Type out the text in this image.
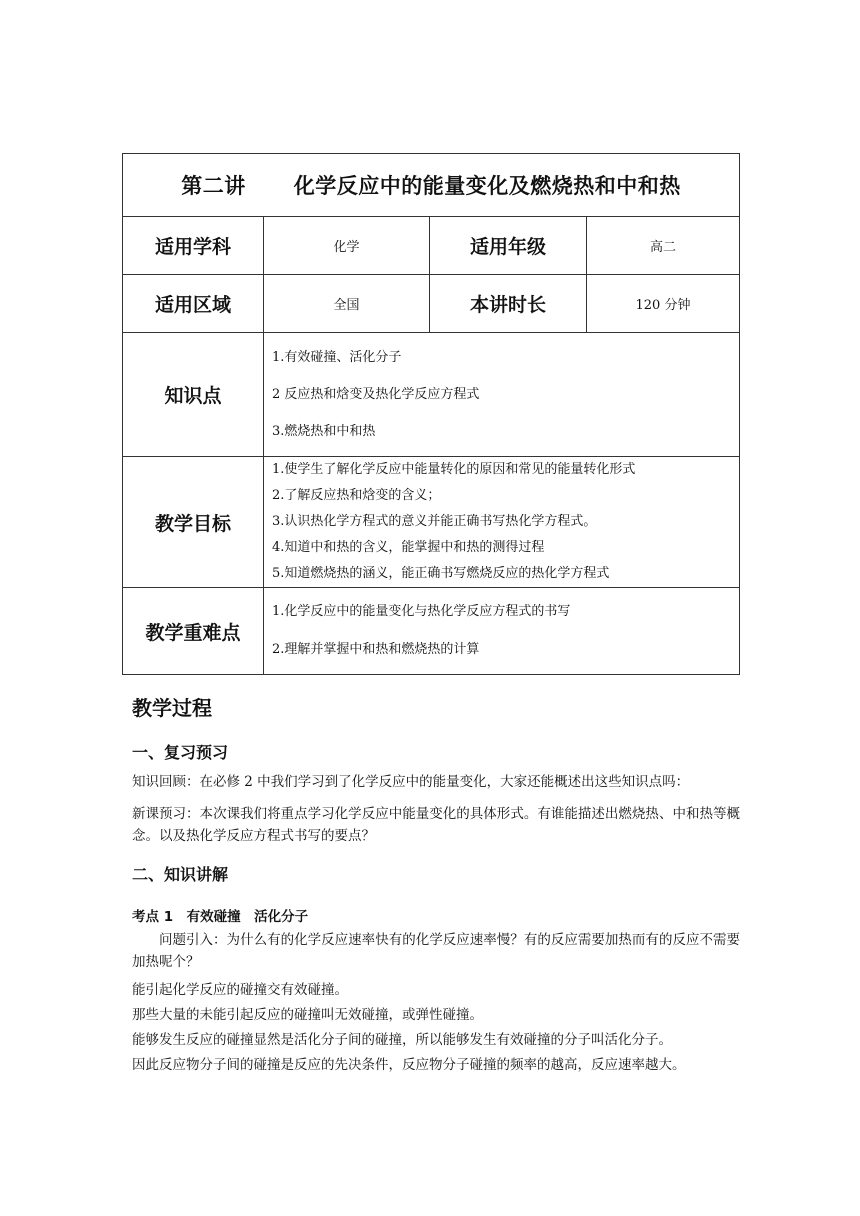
第二讲 化学反应中的能量变化及燃烧热和中和热			
适用学科	化学	适用年级	高二
适用区域	全国	本讲时长	120 分钟
知识点	1.有效碰撞、活化分子
2 反应热和焓变及热化学反应方程式
3.燃烧热和中和热		

教学目标	1.使学生了解化学反应中能量转化的原因和常见的能量转化形式
2.了解反应热和焓变的含义；
3.认识热化学方程式的意义并能正确书写热化学方程式。
4.知道中和热的含义，能掌握中和热的测得过程
5.知道燃烧热的涵义，能正确书写燃烧反应的热化学方程式		

教学重难点	1.化学反应中的能量变化与热化学反应方程式的书写
2.理解并掌握中和热和燃烧热的计算		
教学过程
一、复习预习
知识回顾：在必修 2 中我们学习到了化学反应中的能量变化，大家还能概述出这些知识点吗：
新课预习：本次课我们将重点学习化学反应中能量变化的具体形式。有谁能描述出燃烧热、中和热等概念。以及热化学反应方程式书写的要点？
二、知识讲解
考点 1　有效碰撞　活化分子
问题引入：为什么有的化学反应速率快有的化学反应速率慢？有的反应需要加热而有的反应不需要加热呢个？
能引起化学反应的碰撞交有效碰撞。
那些大量的未能引起反应的碰撞叫无效碰撞，或弹性碰撞。
能够发生反应的碰撞显然是活化分子间的碰撞，所以能够发生有效碰撞的分子叫活化分子。
因此反应物分子间的碰撞是反应的先决条件，反应物分子碰撞的频率的越高，反应速率越大。
